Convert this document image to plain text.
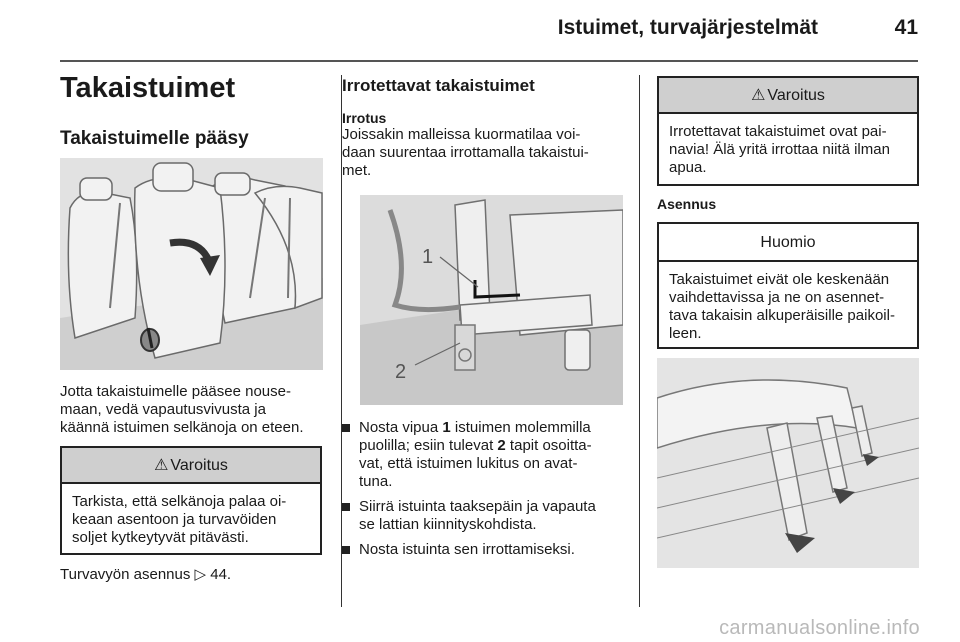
Istuimet, turvajärjestelmät	41
Takaistuimet
Takaistuimelle pääsy
Jotta takaistuimelle pääsee nouse-
maan, vedä vapautusvivusta ja
käännä istuimen selkänoja on eteen.
⚠ Varoitus
Tarkista, että selkänoja palaa oi-
keaan asentoon ja turvavöiden
soljet kytkeytyvät pitävästi.
Turvavyön asennus ▷ 44.
Irrotettavat takaistuimet
Irrotus
Joissakin malleissa kuormatilaa voi-
daan suurentaa irrottamalla takaistui-
met.
1
2
Nosta vipua 1 istuimen molemmilla
puolilla; esiin tulevat 2 tapit osoitta-
vat, että istuimen lukitus on avat-
tuna.
Siirrä istuinta taaksepäin ja vapauta
se lattian kiinnityskohdista.
Nosta istuinta sen irrottamiseksi.
⚠ Varoitus
Irrotettavat takaistuimet ovat pai-
navia! Älä yritä irrottaa niitä ilman
apua.
Asennus
Huomio
Takaistuimet eivät ole keskenään
vaihdettavissa ja ne on asennet-
tava takaisin alkuperäisille paikoil-
leen.
carmanualsonline.info
